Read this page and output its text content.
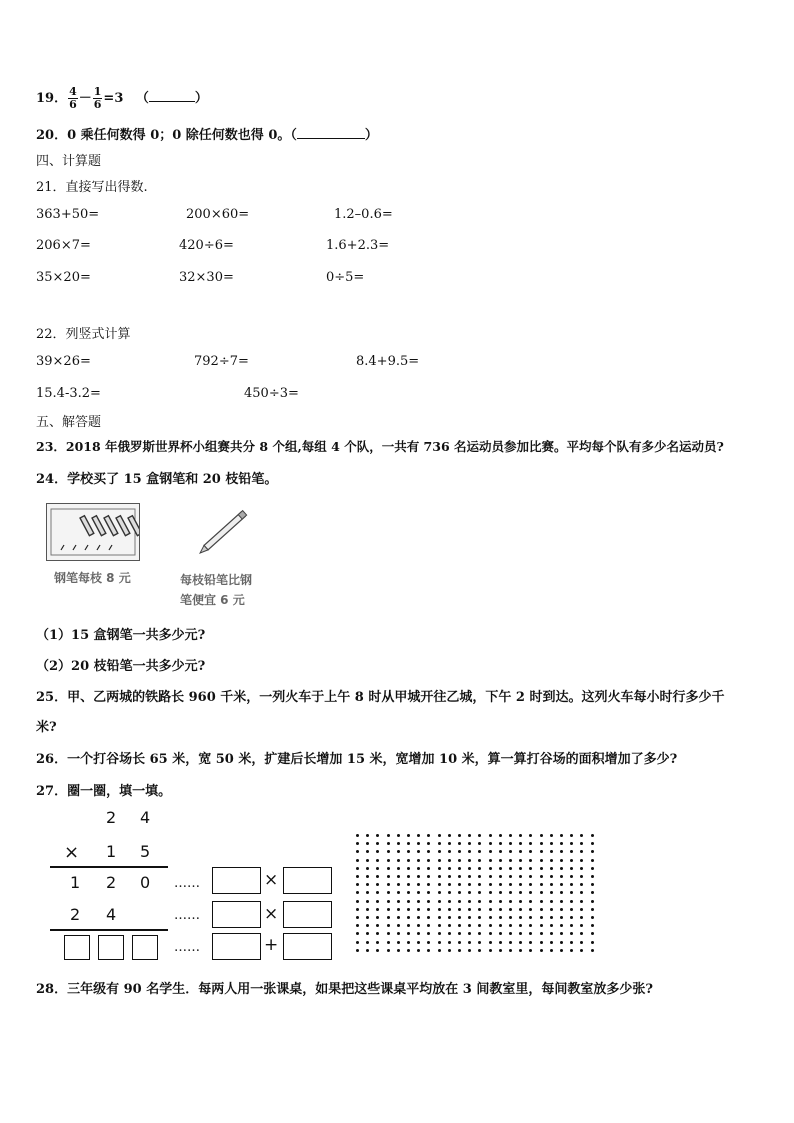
19． $\frac{4}{6} - \frac{1}{6} =3$ （	）
20．0 乘任何数得 0；0 除任何数也得 0。（	）
四、计算题
21．直接写出得数.
363+50=	200×60=	1.2–0.6=
206×7=	420÷6=	1.6+2.3=
35×20=	32×30=	0÷5=
22．列竖式计算
39×26=	792÷7=	8.4+9.5=
15.4-3.2=	450÷3=
五、解答题
23．2018 年俄罗斯世界杯小组赛共分 8 个组,每组 4 个队，一共有 736 名运动员参加比赛。平均每个队有多少名运动员?
24．学校买了 15 盒钢笔和 20 枝铅笔。
钢笔每枝 8 元	每枝铅笔比钢
笔便宜 6 元
（1）15 盒钢笔一共多少元?
（2）20 枝铅笔一共多少元?
25．甲、乙两城的铁路长 960 千米，一列火车于上午 8 时从甲城开往乙城，下午 2 时到达。这列火车每小时行多少千
米?
26．一个打谷场长 65 米，宽 50 米，扩建后长增加 15 米，宽增加 10 米，算一算打谷场的面积增加了多少?
27．圈一圈，填一填。
2 4
× 1 5
1 2 0
2 4
……	×
……	×
……	+
28．三年级有 90 名学生．每两人用一张课桌，如果把这些课桌平均放在 3 间教室里，每间教室放多少张?
